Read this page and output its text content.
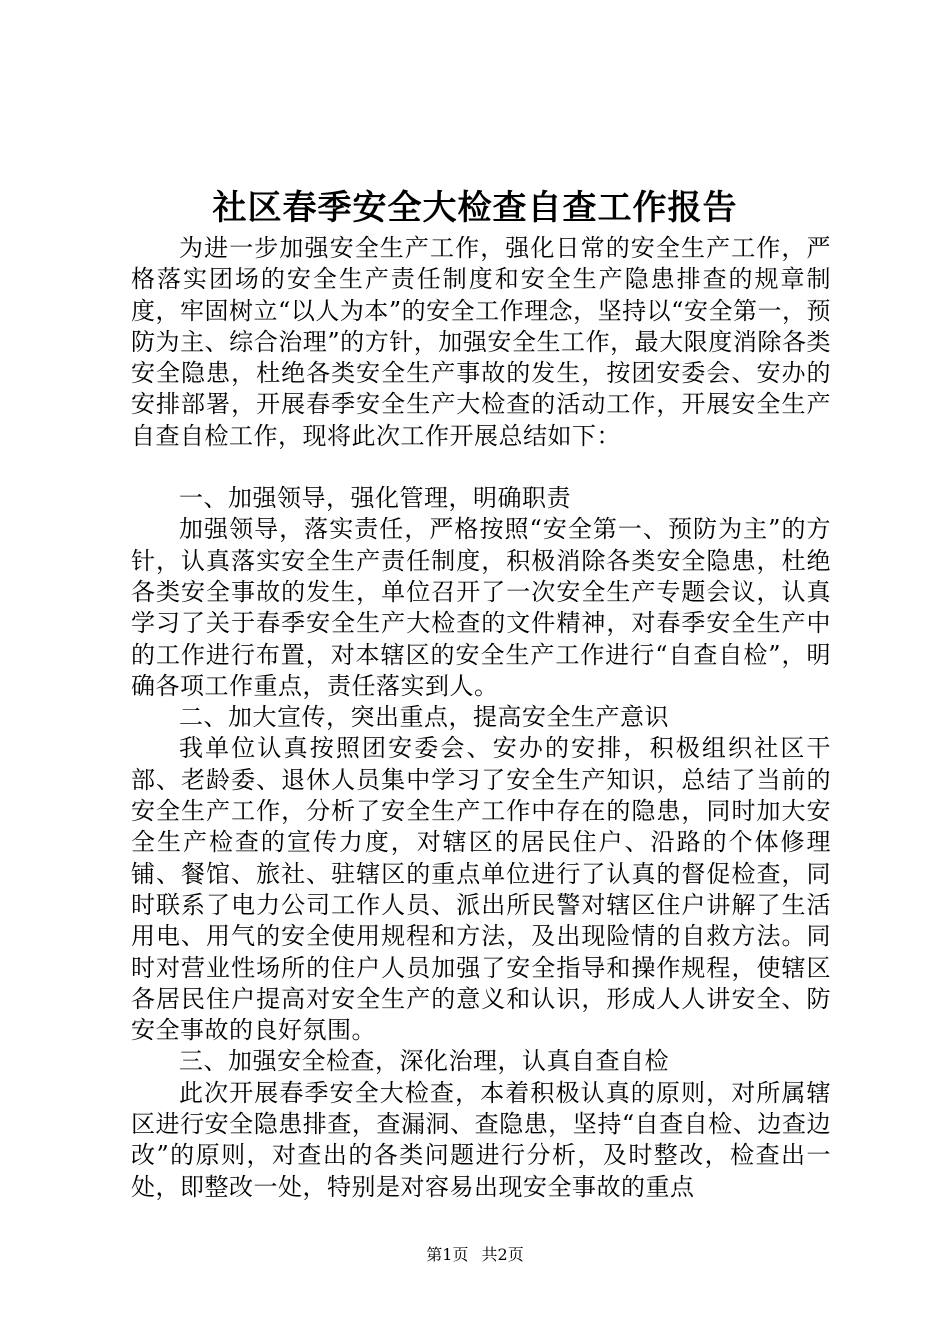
社区春季安全大检查自查工作报告

为进一步加强安全生产工作，强化日常的安全生产工作，严格落实团场的安全生产责任制度和安全生产隐患排查的规章制度，牢固树立“以人为本”的安全工作理念，坚持以“安全第一，预防为主、综合治理”的方针，加强安全生工作，最大限度消除各类安全隐患，杜绝各类安全生产事故的发生，按团安委会、安办的安排部署，开展春季安全生产大检查的活动工作，开展安全生产自查自检工作，现将此次工作开展总结如下：

一、加强领导，强化管理，明确职责

加强领导，落实责任，严格按照“安全第一、预防为主”的方针，认真落实安全生产责任制度，积极消除各类安全隐患，杜绝各类安全事故的发生，单位召开了一次安全生产专题会议，认真学习了关于春季安全生产大检查的文件精神，对春季安全生产中的工作进行布置，对本辖区的安全生产工作进行“自查自检”，明确各项工作重点，责任落实到人。

二、加大宣传，突出重点，提高安全生产意识

我单位认真按照团安委会、安办的安排，积极组织社区干部、老龄委、退休人员集中学习了安全生产知识，总结了当前的安全生产工作，分析了安全生产工作中存在的隐患，同时加大安全生产检查的宣传力度，对辖区的居民住户、沿路的个体修理铺、餐馆、旅社、驻辖区的重点单位进行了认真的督促检查，同时联系了电力公司工作人员、派出所民警对辖区住户讲解了生活用电、用气的安全使用规程和方法，及出现险情的自救方法。同时对营业性场所的住户人员加强了安全指导和操作规程，使辖区各居民住户提高对安全生产的意义和认识，形成人人讲安全、防安全事故的良好氛围。

三、加强安全检查，深化治理，认真自查自检

此次开展春季安全大检查，本着积极认真的原则，对所属辖区进行安全隐患排查，查漏洞、查隐患，坚持“自查自检、边查边改”的原则，对查出的各类问题进行分析，及时整改，检查出一处，即整改一处，特别是对容易出现安全事故的重点

第1页 共2页
